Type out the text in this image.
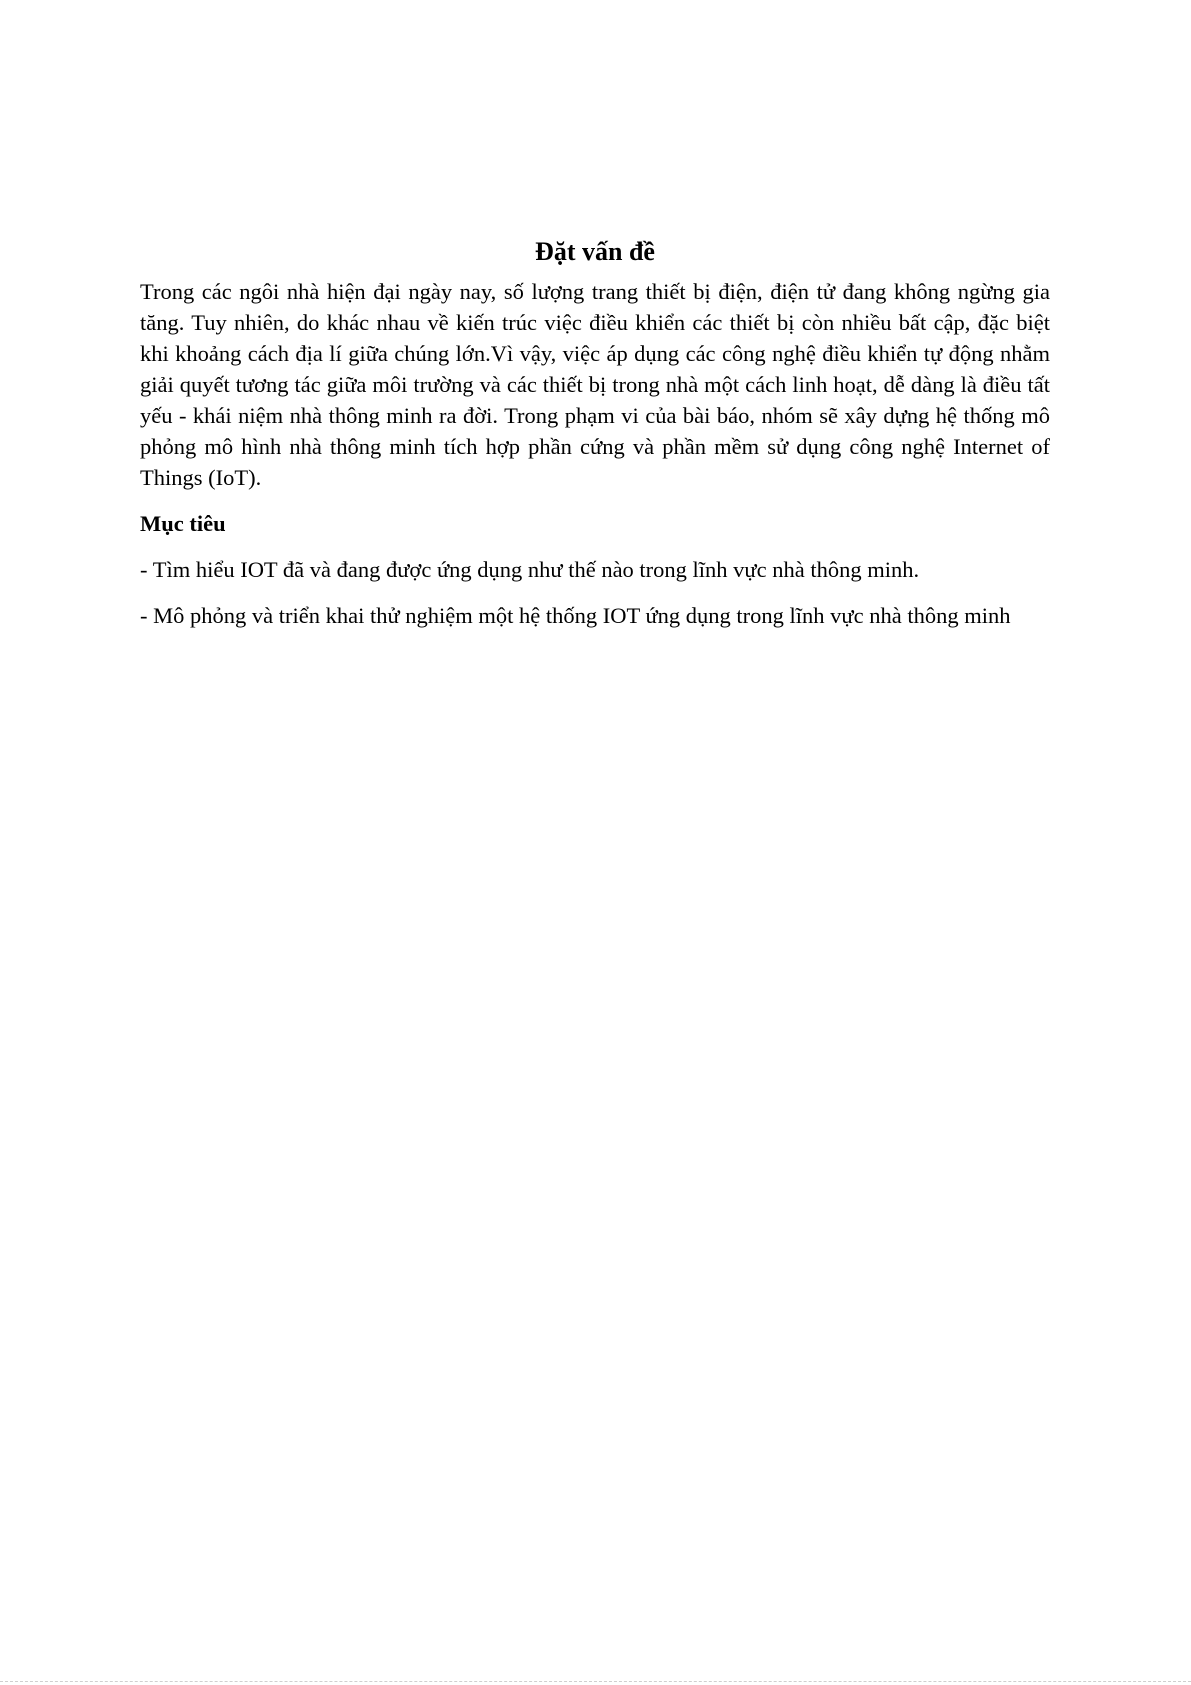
Đặt vấn đề

Trong các ngôi nhà hiện đại ngày nay, số lượng trang thiết bị điện, điện tử đang không ngừng gia tăng. Tuy nhiên, do khác nhau về kiến trúc việc điều khiển các thiết bị còn nhiều bất cập, đặc biệt khi khoảng cách địa lí giữa chúng lớn.Vì vậy, việc áp dụng các công nghệ điều khiển tự động nhằm giải quyết tương tác giữa môi trường và các thiết bị trong nhà một cách linh hoạt, dễ dàng là điều tất yếu - khái niệm nhà thông minh ra đời. Trong phạm vi của bài báo, nhóm sẽ xây dựng hệ thống mô phỏng mô hình nhà thông minh tích hợp phần cứng và phần mềm sử dụng công nghệ Internet of Things (IoT).

Mục tiêu

- Tìm hiểu IOT đã và đang được ứng dụng như thế nào trong lĩnh vực nhà thông minh.

- Mô phỏng và triển khai thử nghiệm một hệ thống IOT ứng dụng trong lĩnh vực nhà thông minh
